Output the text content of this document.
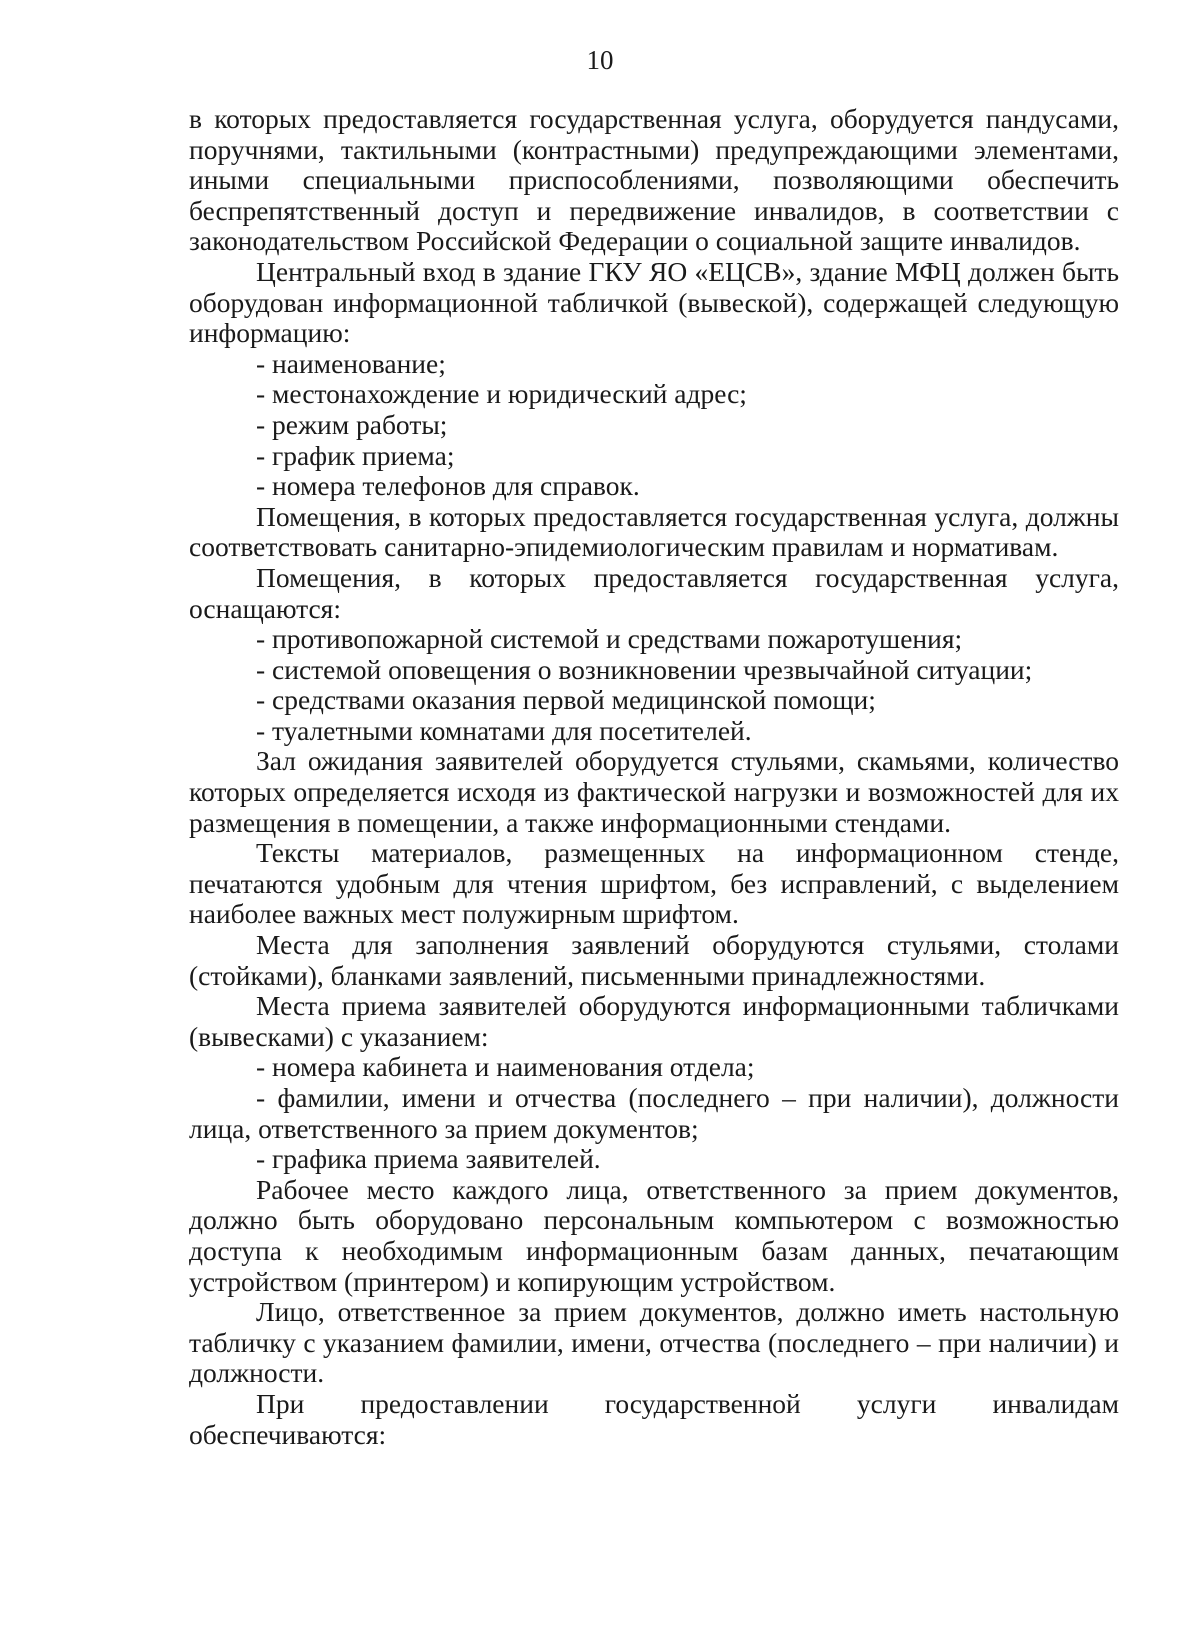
10

в которых предоставляется государственная услуга, оборудуется пандусами, поручнями, тактильными (контрастными) предупреждающими элементами, иными специальными приспособлениями, позволяющими обеспечить беспрепятственный доступ и передвижение инвалидов, в соответствии с законодательством Российской Федерации о социальной защите инвалидов.

Центральный вход в здание ГКУ ЯО «ЕЦСВ», здание МФЦ должен быть оборудован информационной табличкой (вывеской), содержащей следующую информацию:

- наименование;

- местонахождение и юридический адрес;

- режим работы;

- график приема;

- номера телефонов для справок.

Помещения, в которых предоставляется государственная услуга, должны соответствовать санитарно-эпидемиологическим правилам и нормативам.

Помещения, в которых предоставляется государственная услуга, оснащаются:

- противопожарной системой и средствами пожаротушения;

- системой оповещения о возникновении чрезвычайной ситуации;

- средствами оказания первой медицинской помощи;

- туалетными комнатами для посетителей.

Зал ожидания заявителей оборудуется стульями, скамьями, количество которых определяется исходя из фактической нагрузки и возможностей для их размещения в помещении, а также информационными стендами.

Тексты материалов, размещенных на информационном стенде, печатаются удобным для чтения шрифтом, без исправлений, с выделением наиболее важных мест полужирным шрифтом.

Места для заполнения заявлений оборудуются стульями, столами (стойками), бланками заявлений, письменными принадлежностями.

Места приема заявителей оборудуются информационными табличками (вывесками) с указанием:

- номера кабинета и наименования отдела;

- фамилии, имени и отчества (последнего – при наличии), должности лица, ответственного за прием документов;

- графика приема заявителей.

Рабочее место каждого лица, ответственного за прием документов, должно быть оборудовано персональным компьютером с возможностью доступа к необходимым информационным базам данных, печатающим устройством (принтером) и копирующим устройством.

Лицо, ответственное за прием документов, должно иметь настольную табличку с указанием фамилии, имени, отчества (последнего – при наличии) и должности.

При предоставлении государственной услуги инвалидам обеспечиваются:
